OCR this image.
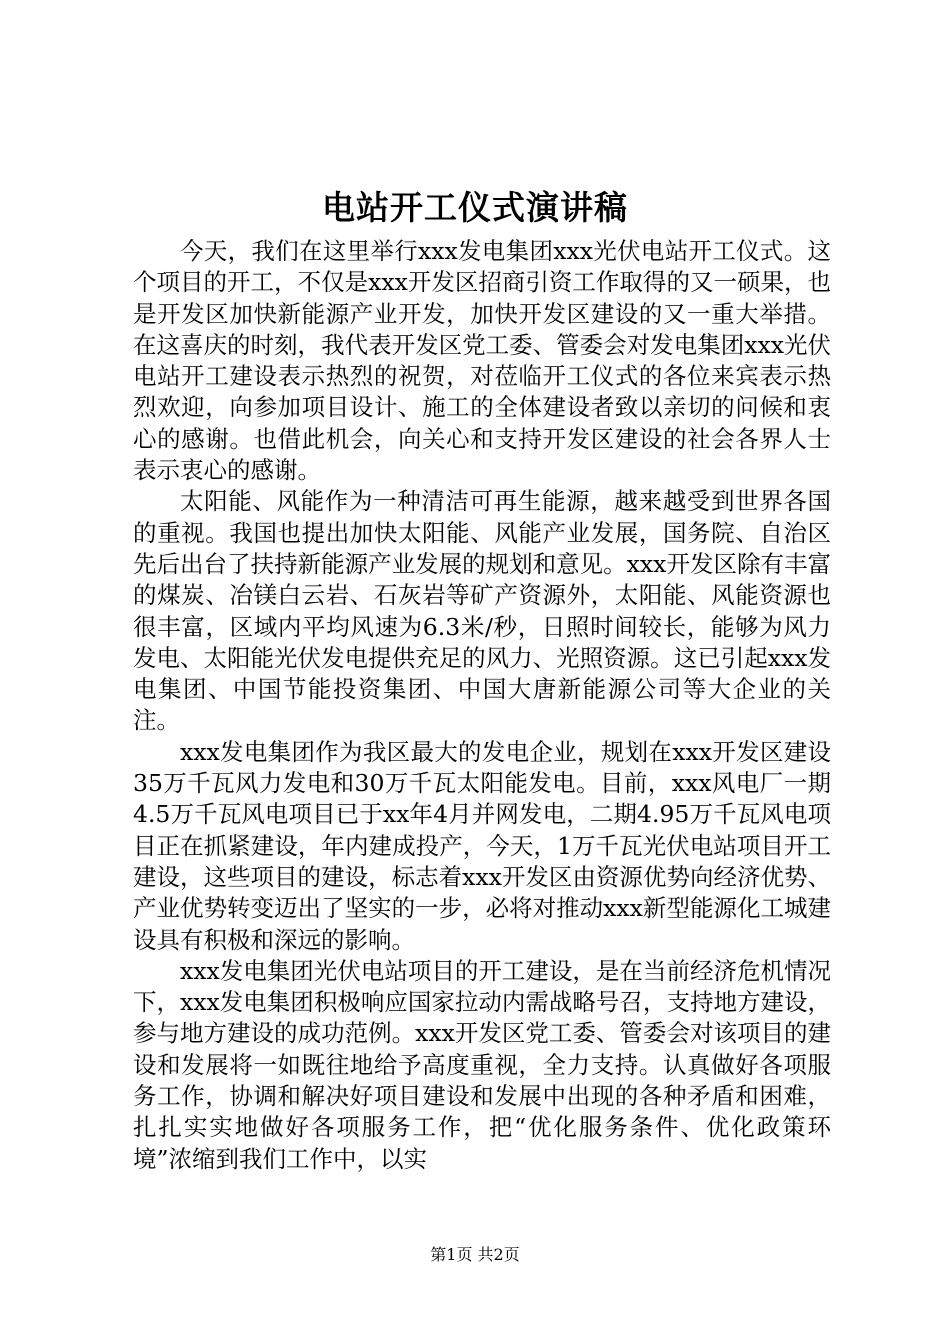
电站开工仪式演讲稿

今天，我们在这里举行xxx发电集团xxx光伏电站开工仪式。这个项目的开工，不仅是xxx开发区招商引资工作取得的又一硕果，也是开发区加快新能源产业开发，加快开发区建设的又一重大举措。在这喜庆的时刻，我代表开发区党工委、管委会对发电集团xxx光伏电站开工建设表示热烈的祝贺，对莅临开工仪式的各位来宾表示热烈欢迎，向参加项目设计、施工的全体建设者致以亲切的问候和衷心的感谢。也借此机会，向关心和支持开发区建设的社会各界人士表示衷心的感谢。

太阳能、风能作为一种清洁可再生能源，越来越受到世界各国的重视。我国也提出加快太阳能、风能产业发展，国务院、自治区先后出台了扶持新能源产业发展的规划和意见。xxx开发区除有丰富的煤炭、冶镁白云岩、石灰岩等矿产资源外，太阳能、风能资源也很丰富，区域内平均风速为6.3米/秒，日照时间较长，能够为风力发电、太阳能光伏发电提供充足的风力、光照资源。这已引起xxx发电集团、中国节能投资集团、中国大唐新能源公司等大企业的关注。

xxx发电集团作为我区最大的发电企业，规划在xxx开发区建设35万千瓦风力发电和30万千瓦太阳能发电。目前，xxx风电厂一期4.5万千瓦风电项目已于xx年4月并网发电，二期4.95万千瓦风电项目正在抓紧建设，年内建成投产，今天，1万千瓦光伏电站项目开工建设，这些项目的建设，标志着xxx开发区由资源优势向经济优势、产业优势转变迈出了坚实的一步，必将对推动xxx新型能源化工城建设具有积极和深远的影响。

xxx发电集团光伏电站项目的开工建设，是在当前经济危机情况下，xxx发电集团积极响应国家拉动内需战略号召，支持地方建设，参与地方建设的成功范例。xxx开发区党工委、管委会对该项目的建设和发展将一如既往地给予高度重视，全力支持。认真做好各项服务工作，协调和解决好项目建设和发展中出现的各种矛盾和困难，扎扎实实地做好各项服务工作，把“优化服务条件、优化政策环境”浓缩到我们工作中，以实

第1页 共2页
